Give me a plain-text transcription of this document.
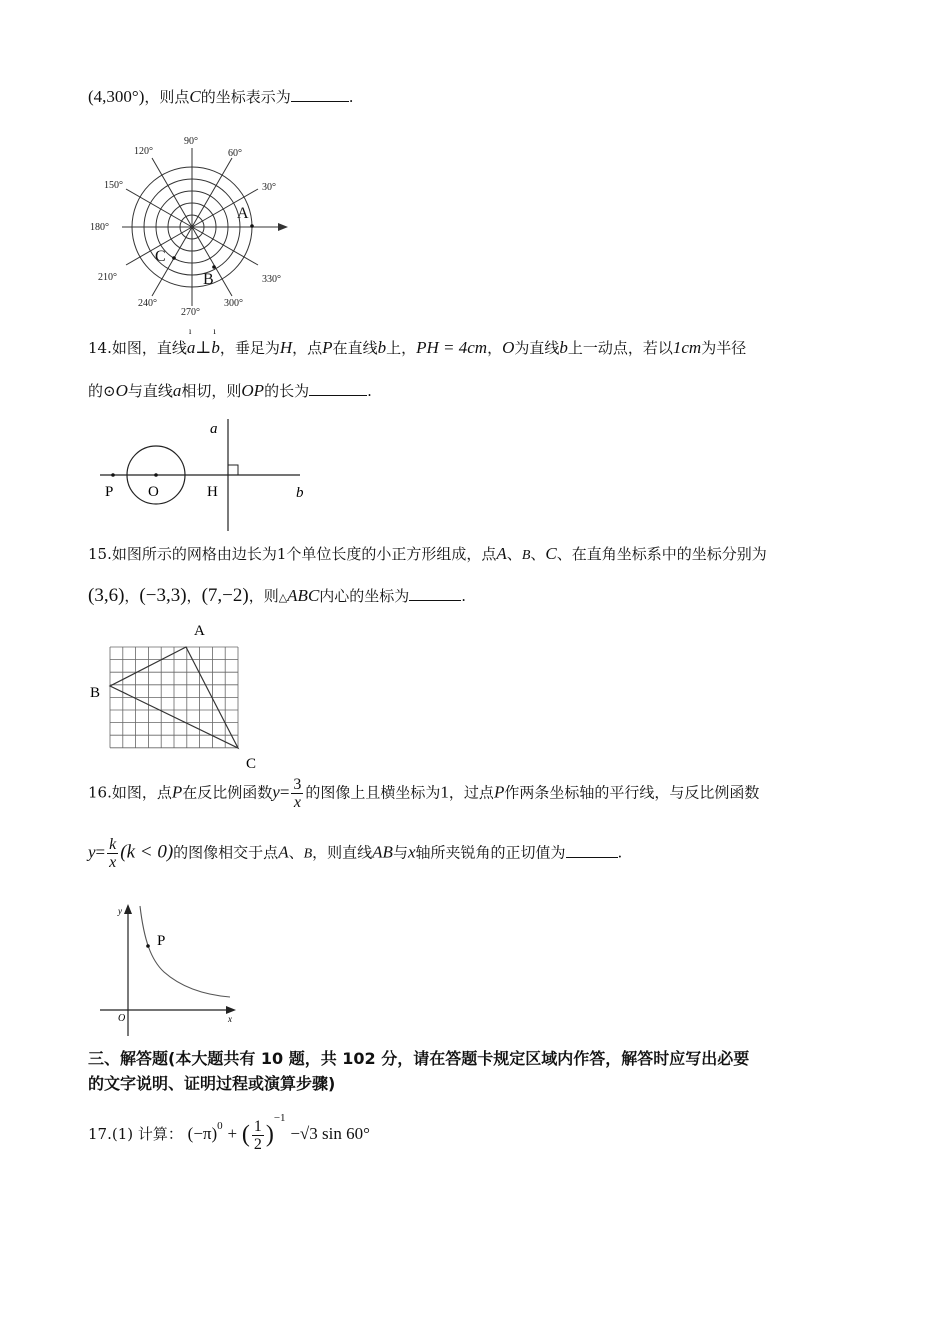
(4,300°)，则点C的坐标表示为	.
90°
60°
120°
30°
150°
180°
210°	330°
240°
270°
300°
A
B
C
14.如图，直线
ı
a⊥
ı
b，垂足为H，点P在直线b上，PH = 4cm，O为直线b上一动点，若以1cm为半径
的⊙O与直线a相切，则OP的长为	.
a
P O	H	b
15.如图所示的网格由边长为1个单位长度的小正方形组成，点A、B、C、在直角坐标系中的坐标分别为
(3,6)，(−3,3)，(7,−2)，则△ABC内心的坐标为	.
A
B
C
16.如图，点P在反比例函数$y= \frac{3}{x}$ 的图像上且横坐标为1，过点P作两条坐标轴的平行线，与反比例函数
$y= \frac{k}{x} (k < 0)$的图像相交于点A、B，则直线AB与x轴所夹锐角的正切值为	.
y
P
O	x
三、解答题(本大题共有 10 题，共 102 分，请在答题卡规定区域内作答，解答时应写出必要
的文字说明、证明过程或演算步骤)
17.(1) 计算： $(-\pi)^0$ + ( $\frac{1}{2} )^{-1} -√3$ sin 60°
